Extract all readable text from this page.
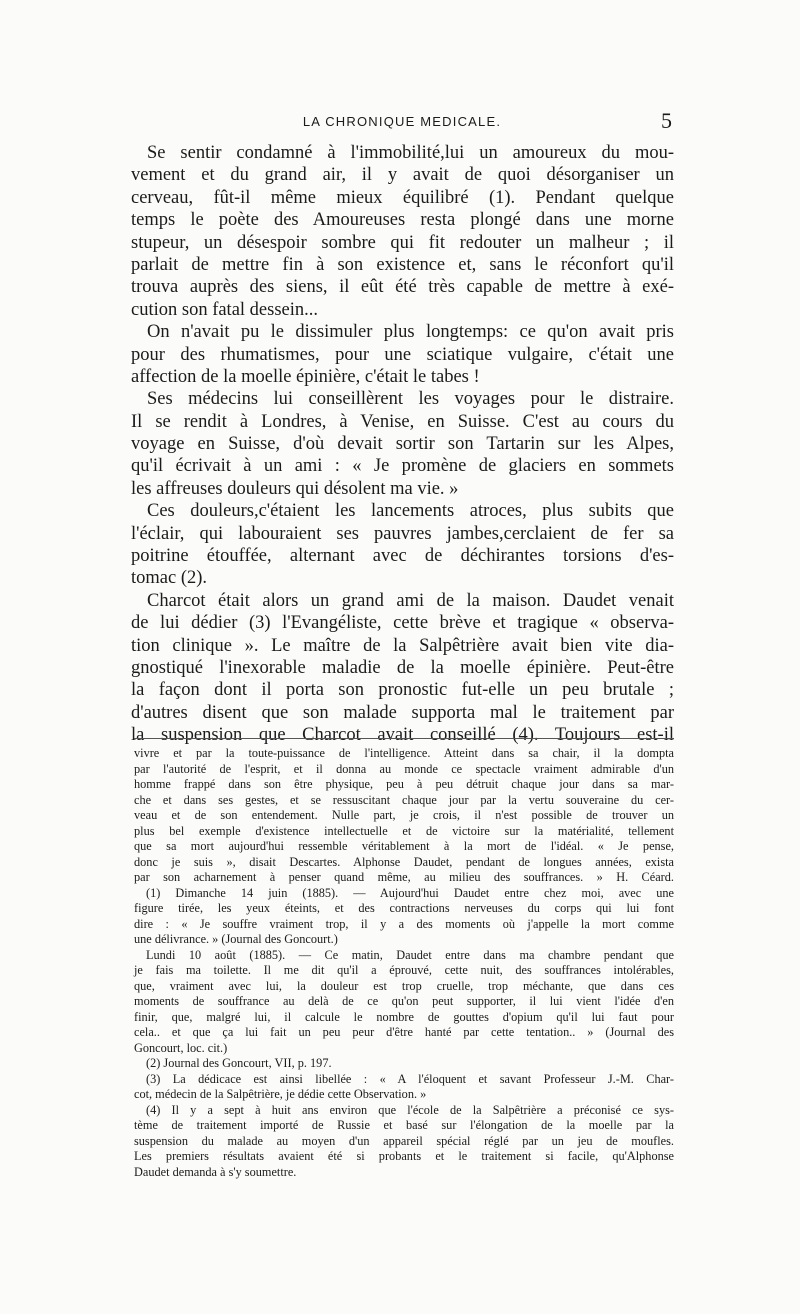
LA CHRONIQUE MEDICALE.	5
Se sentir condamné à l'immobilité,lui un amoureux du mou-
vement et du grand air, il y avait de quoi désorganiser un
cerveau, fût-il même mieux équilibré (1). Pendant quelque
temps le poète des Amoureuses resta plongé dans une morne
stupeur, un désespoir sombre qui fit redouter un malheur ; il
parlait de mettre fin à son existence et, sans le réconfort qu'il
trouva auprès des siens, il eût été très capable de mettre à exé-
cution son fatal dessein...
On n'avait pu le dissimuler plus longtemps: ce qu'on avait pris
pour des rhumatismes, pour une sciatique vulgaire, c'était une
affection de la moelle épinière, c'était le tabes !
Ses médecins lui conseillèrent les voyages pour le distraire.
Il se rendit à Londres, à Venise, en Suisse. C'est au cours du
voyage en Suisse, d'où devait sortir son Tartarin sur les Alpes,
qu'il écrivait à un ami : « Je promène de glaciers en sommets
les affreuses douleurs qui désolent ma vie. »
Ces douleurs,c'étaient les lancements atroces, plus subits que
l'éclair, qui labouraient ses pauvres jambes,cerclaient de fer sa
poitrine étouffée, alternant avec de déchirantes torsions d'es-
tomac (2).
Charcot était alors un grand ami de la maison. Daudet venait
de lui dédier (3) l'Evangéliste, cette brève et tragique « observa-
tion clinique ». Le maître de la Salpêtrière avait bien vite dia-
gnostiqué l'inexorable maladie de la moelle épinière. Peut-être
la façon dont il porta son pronostic fut-elle un peu brutale ;
d'autres disent que son malade supporta mal le traitement par
la suspension que Charcot avait conseillé (4). Toujours est-il
vivre et par la toute-puissance de l'intelligence. Atteint dans sa chair, il la dompta
par l'autorité de l'esprit, et il donna au monde ce spectacle vraiment admirable d'un
homme frappé dans son être physique, peu à peu détruit chaque jour dans sa mar-
che et dans ses gestes, et se ressuscitant chaque jour par la vertu souveraine du cer-
veau et de son entendement. Nulle part, je crois, il n'est possible de trouver un
plus bel exemple d'existence intellectuelle et de victoire sur la matérialité, tellement
que sa mort aujourd'hui ressemble véritablement à la mort de l'idéal. « Je pense,
donc je suis », disait Descartes. Alphonse Daudet, pendant de longues années, exista
par son acharnement à penser quand même, au milieu des souffrances. » H. Céard.
(1) Dimanche 14 juin (1885). — Aujourd'hui Daudet entre chez moi, avec une
figure tirée, les yeux éteints, et des contractions nerveuses du corps qui lui font
dire : « Je souffre vraiment trop, il y a des moments où j'appelle la mort comme
une délivrance. » (Journal des Goncourt.)
Lundi 10 août (1885). — Ce matin, Daudet entre dans ma chambre pendant que
je fais ma toilette. Il me dit qu'il a éprouvé, cette nuit, des souffrances intolérables,
que, vraiment avec lui, la douleur est trop cruelle, trop méchante, que dans ces
moments de souffrance au delà de ce qu'on peut supporter, il lui vient l'idée d'en
finir, que, malgré lui, il calcule le nombre de gouttes d'opium qu'il lui faut pour
cela.. et que ça lui fait un peu peur d'être hanté par cette tentation.. » (Journal des
Goncourt, loc. cit.)
(2) Journal des Goncourt, VII, p. 197.
(3) La dédicace est ainsi libellée : « A l'éloquent et savant Professeur J.-M. Char-
cot, médecin de la Salpêtrière, je dédie cette Observation. »
(4) Il y a sept à huit ans environ que l'école de la Salpêtrière a préconisé ce sys-
tème de traitement importé de Russie et basé sur l'élongation de la moelle par la
suspension du malade au moyen d'un appareil spécial réglé par un jeu de moufles.
Les premiers résultats avaient été si probants et le traitement si facile, qu'Alphonse
Daudet demanda à s'y soumettre.
